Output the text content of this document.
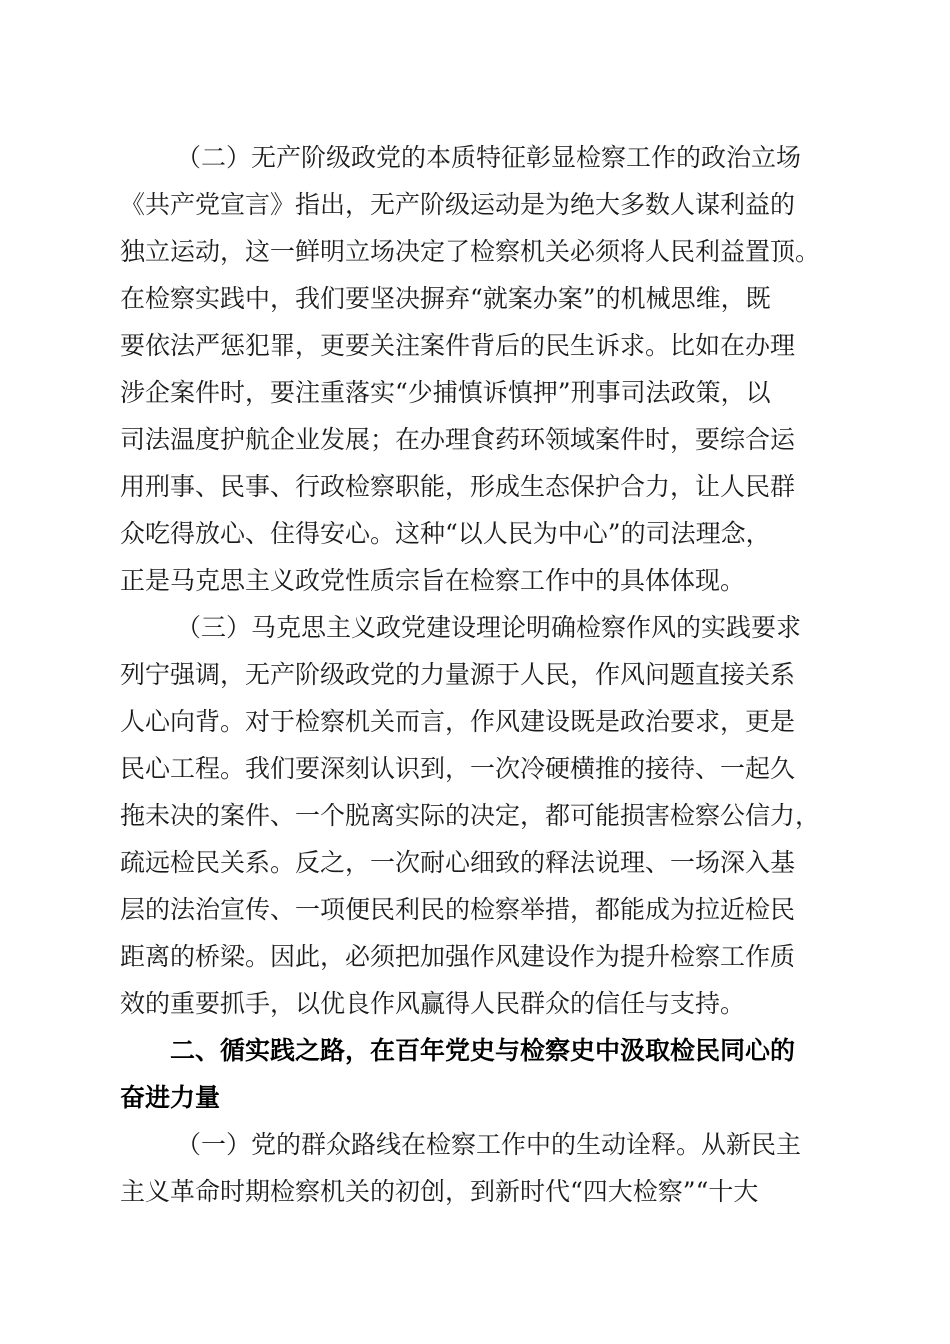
（二）无产阶级政党的本质特征彰显检察工作的政治立场
《共产党宣言》指出，无产阶级运动是为绝大多数人谋利益的
独立运动，这一鲜明立场决定了检察机关必须将人民利益置顶。
在检察实践中，我们要坚决摒弃“就案办案”的机械思维，既
要依法严惩犯罪，更要关注案件背后的民生诉求。比如在办理
涉企案件时，要注重落实“少捕慎诉慎押”刑事司法政策，以
司法温度护航企业发展；在办理食药环领域案件时，要综合运
用刑事、民事、行政检察职能，形成生态保护合力，让人民群
众吃得放心、住得安心。这种“以人民为中心”的司法理念，
正是马克思主义政党性质宗旨在检察工作中的具体体现。
（三）马克思主义政党建设理论明确检察作风的实践要求
列宁强调，无产阶级政党的力量源于人民，作风问题直接关系
人心向背。对于检察机关而言，作风建设既是政治要求，更是
民心工程。我们要深刻认识到，一次冷硬横推的接待、一起久
拖未决的案件、一个脱离实际的决定，都可能损害检察公信力，
疏远检民关系。反之，一次耐心细致的释法说理、一场深入基
层的法治宣传、一项便民利民的检察举措，都能成为拉近检民
距离的桥梁。因此，必须把加强作风建设作为提升检察工作质
效的重要抓手，以优良作风赢得人民群众的信任与支持。
二、循实践之路，在百年党史与检察史中汲取检民同心的
奋进力量
（一）党的群众路线在检察工作中的生动诠释。从新民主
主义革命时期检察机关的初创，到新时代“四大检察”“十大
